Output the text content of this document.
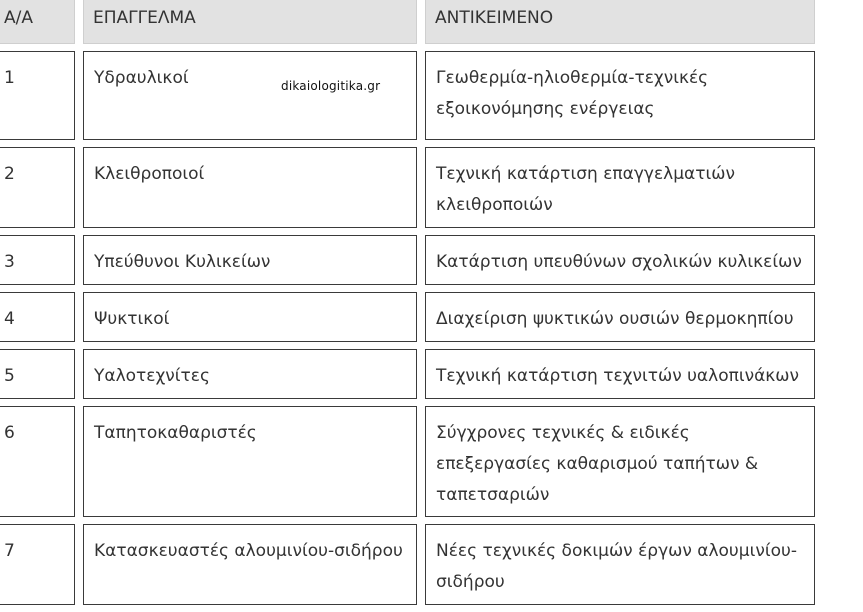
Α/Α	ΕΠΑΓΓΕΛΜΑ	ΑΝΤΙΚΕΙΜΕΝΟ
1	Υδραυλικοί	Γεωθερμία-ηλιοθερμία-τεχνικές εξοικονόμησης ενέργειας
2	Κλειθροποιοί	Τεχνική κατάρτιση επαγγελματιών κλειθροποιών
3	Υπεύθυνοι Κυλικείων	Κατάρτιση υπευθύνων σχολικών κυλικείων
4	Ψυκτικοί	Διαχείριση ψυκτικών ουσιών θερμοκηπίου
5	Υαλοτεχνίτες	Τεχνική κατάρτιση τεχνιτών υαλοπινάκων
6	Ταπητοκαθαριστές	Σύγχρονες τεχνικές & ειδικές επεξεργασίες καθαρισμού ταπήτων & ταπετσαριών
7	Κατασκευαστές αλουμινίου-σιδήρου	Νέες τεχνικές δοκιμών έργων αλουμινίου-σιδήρου
dikaiologitika.gr
